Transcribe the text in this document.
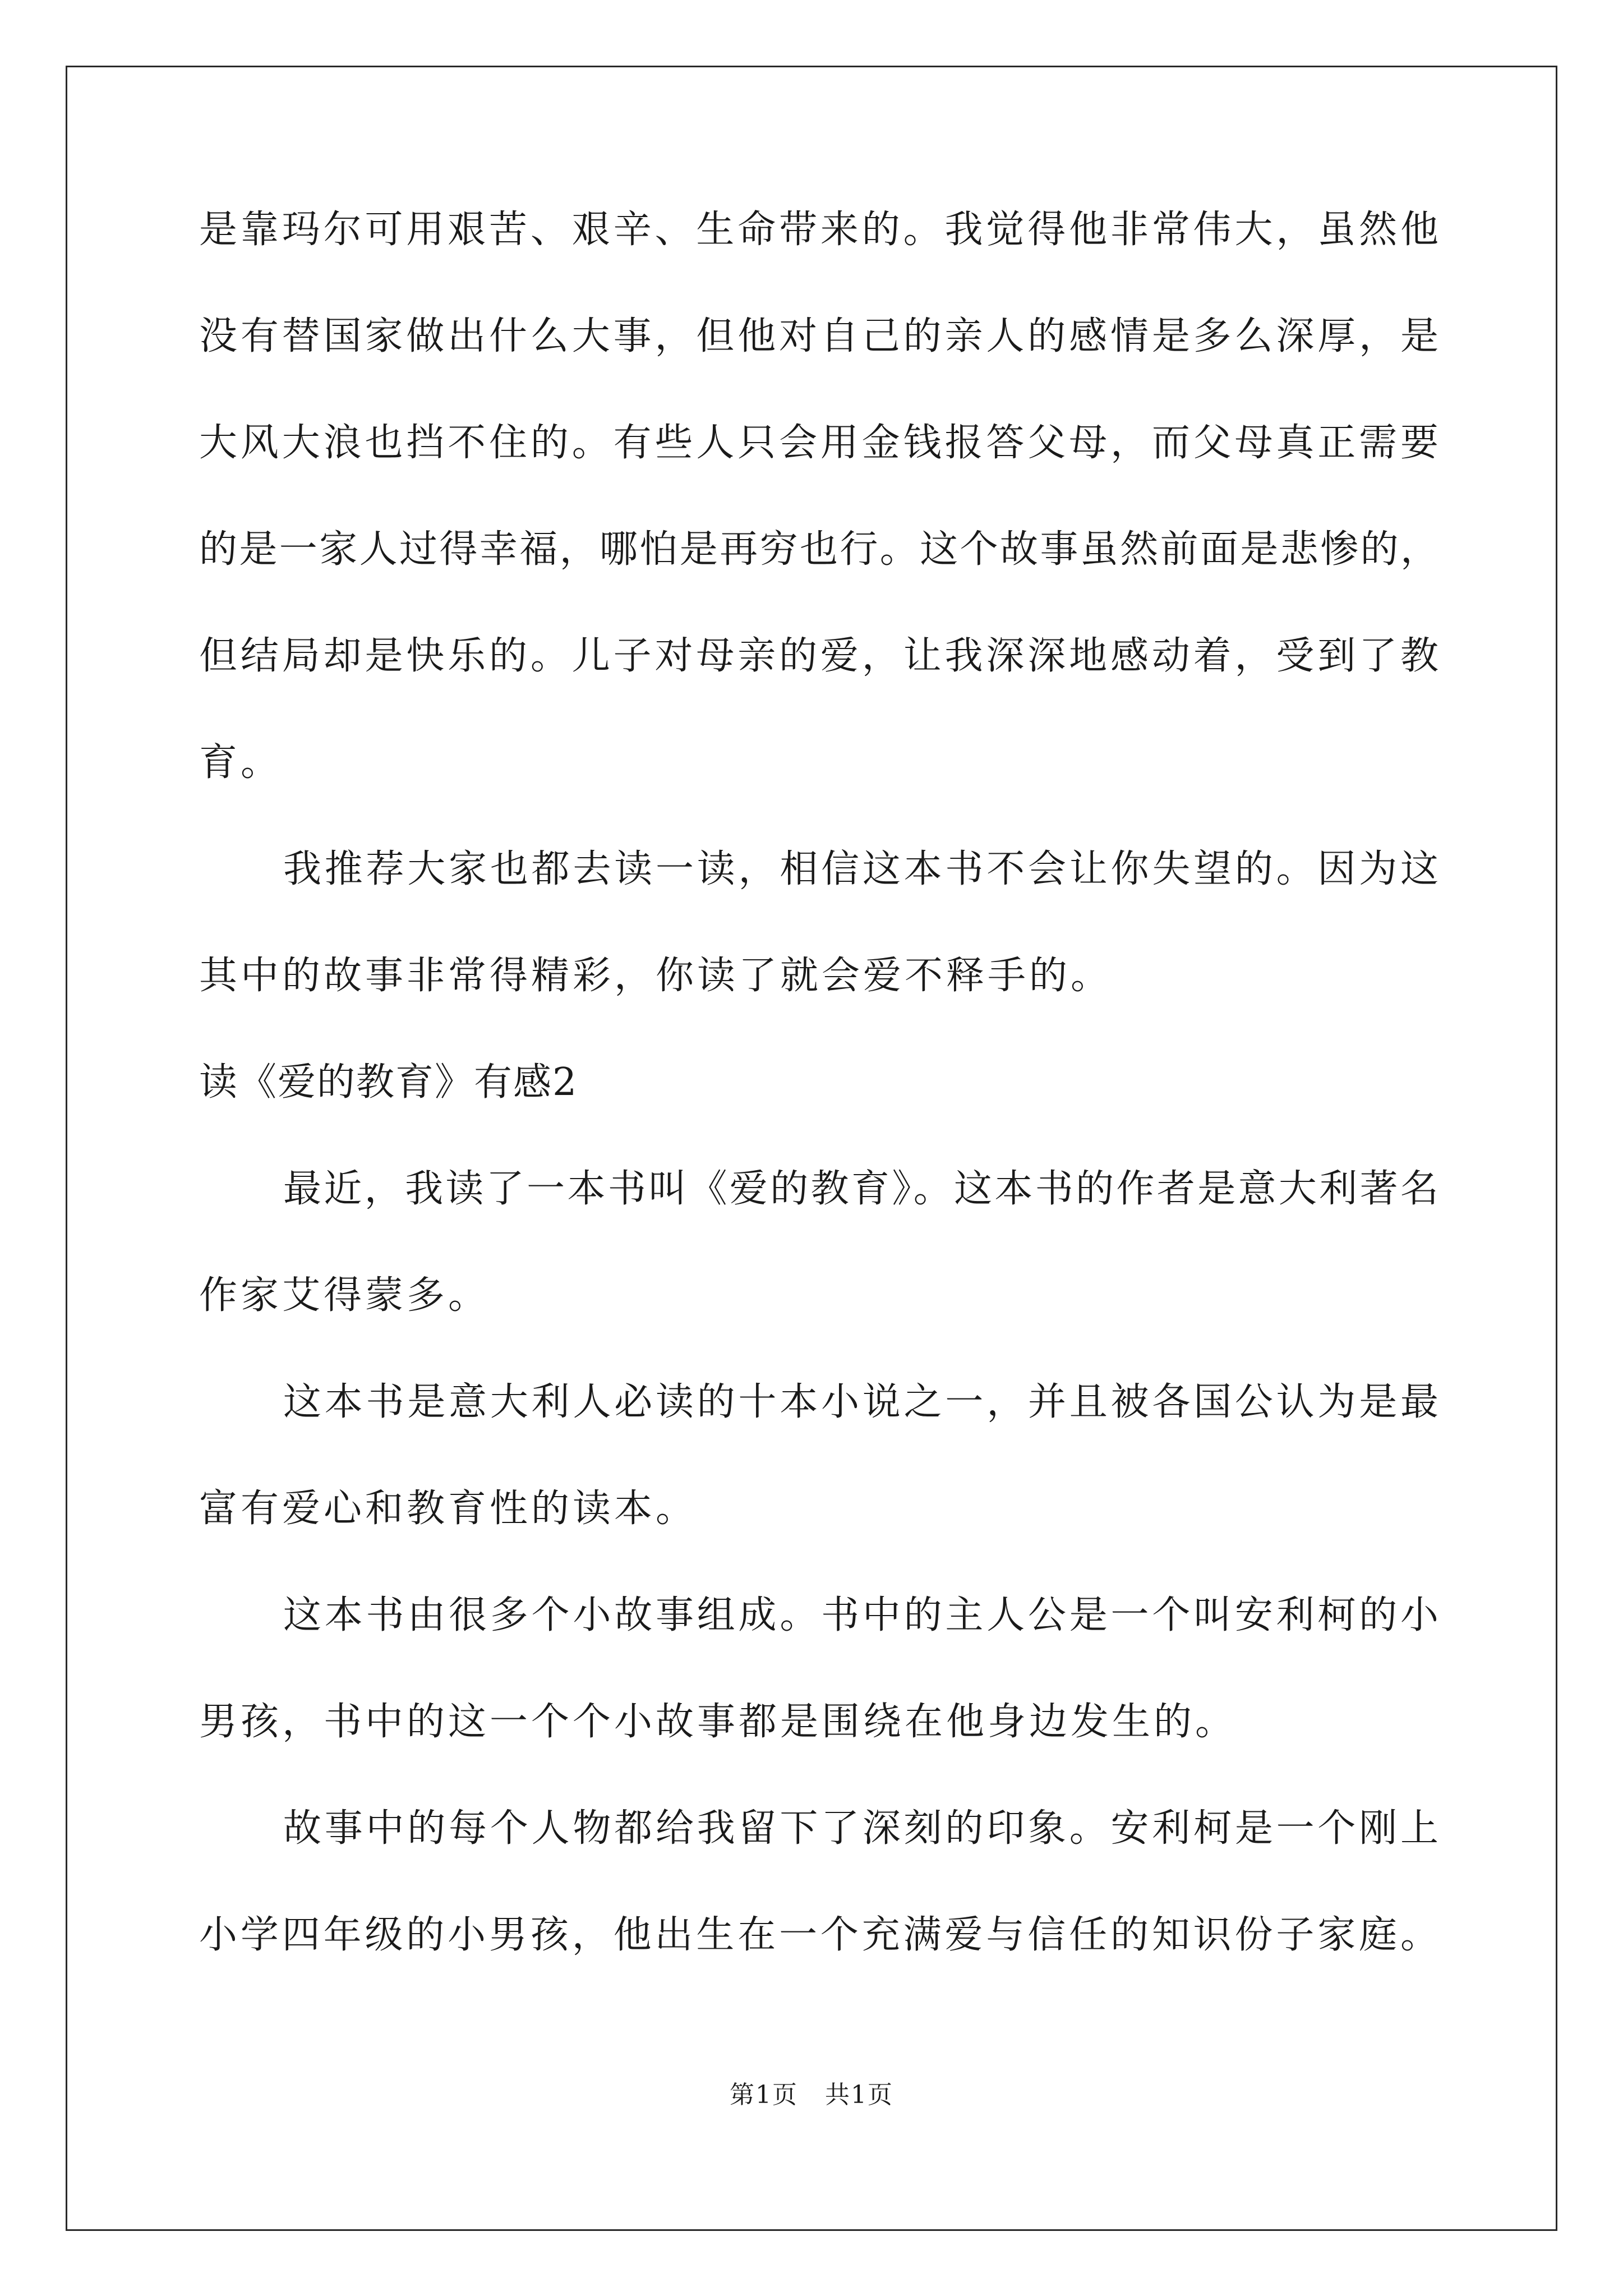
是靠玛尔可用艰苦、艰辛、生命带来的。我觉得他非常伟大，虽然他
没有替国家做出什么大事，但他对自己的亲人的感情是多么深厚，是
大风大浪也挡不住的。有些人只会用金钱报答父母，而父母真正需要
的是一家人过得幸福，哪怕是再穷也行。这个故事虽然前面是悲惨的，
但结局却是快乐的。儿子对母亲的爱，让我深深地感动着，受到了教
育。
我推荐大家也都去读一读，相信这本书不会让你失望的。因为这
其中的故事非常得精彩，你读了就会爱不释手的。
读《爱的教育》有感2
最近，我读了一本书叫《爱的教育》。这本书的作者是意大利著名
作家艾得蒙多。
这本书是意大利人必读的十本小说之一，并且被各国公认为是最
富有爱心和教育性的读本。
这本书由很多个小故事组成。书中的主人公是一个叫安利柯的小
男孩，书中的这一个个小故事都是围绕在他身边发生的。
故事中的每个人物都给我留下了深刻的印象。安利柯是一个刚上
小学四年级的小男孩，他出生在一个充满爱与信任的知识份子家庭。
第1页   共1页
